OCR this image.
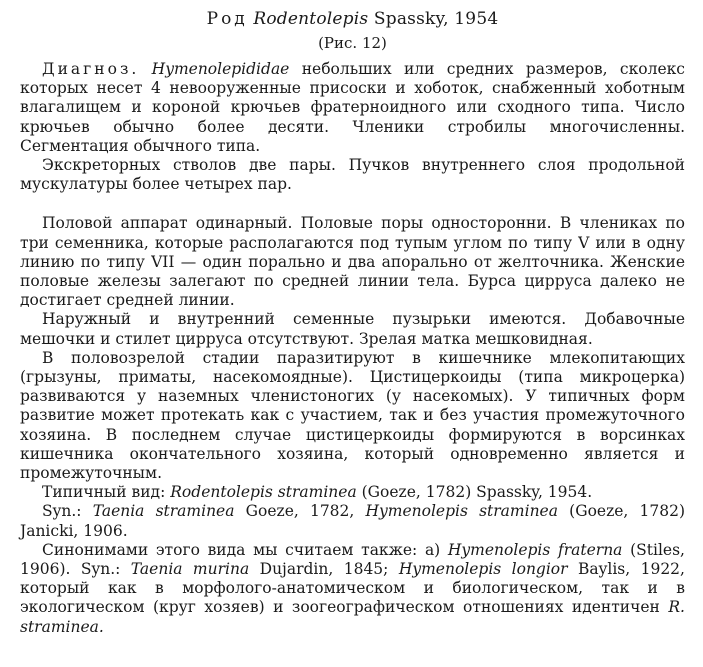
Род Rodentolepis Spassky, 1954
(Рис. 12)

Диагноз. Hymenolepididae небольших или средних размеров, сколекс которых несет 4 невооруженные присоски и хоботок, снабженный хоботным влагалищем и короной крючьев фратерноидного или сходного типа. Число крючьев обычно более десяти. Членики стробилы многочисленны. Сегментация обычного типа.

Экскреторных стволов две пары. Пучков внутреннего слоя продольной мускулатуры более четырех пар.

Половой аппарат одинарный. Половые поры односторонни. В члениках по три семенника, которые располагаются под тупым углом по типу V или в одну линию по типу VII — один порально и два апорально от желточника. Женские половые железы залегают по средней линии тела. Бурса цирруса далеко не достигает средней линии.

Наружный и внутренний семенные пузырьки имеются. Добавочные мешочки и стилет цирруса отсутствуют. Зрелая матка мешковидная.

В половозрелой стадии паразитируют в кишечнике млекопитающих (грызуны, приматы, насекомоядные). Цистицеркоиды (типа микроцерка) развиваются у наземных членистоногих (у насекомых). У типичных форм развитие может протекать как с участием, так и без участия промежуточного хозяина. В последнем случае цистицеркоиды формируются в ворсинках кишечника окончательного хозяина, который одновременно является и промежуточным.

Типичный вид: Rodentolepis straminea (Goeze, 1782) Spassky, 1954.

Syn.: Taenia straminea Goeze, 1782, Hymenolepis straminea (Goeze, 1782) Janicki, 1906.

Синонимами этого вида мы считаем также: а) Hymenolepis fraterna (Stiles, 1906). Syn.: Taenia murina Dujardin, 1845; Hymenolepis longior Baylis, 1922, который как в морфолого-анатомическом и биологическом, так и в экологическом (круг хозяев) и зоогеографическом отношениях идентичен R. straminea.
